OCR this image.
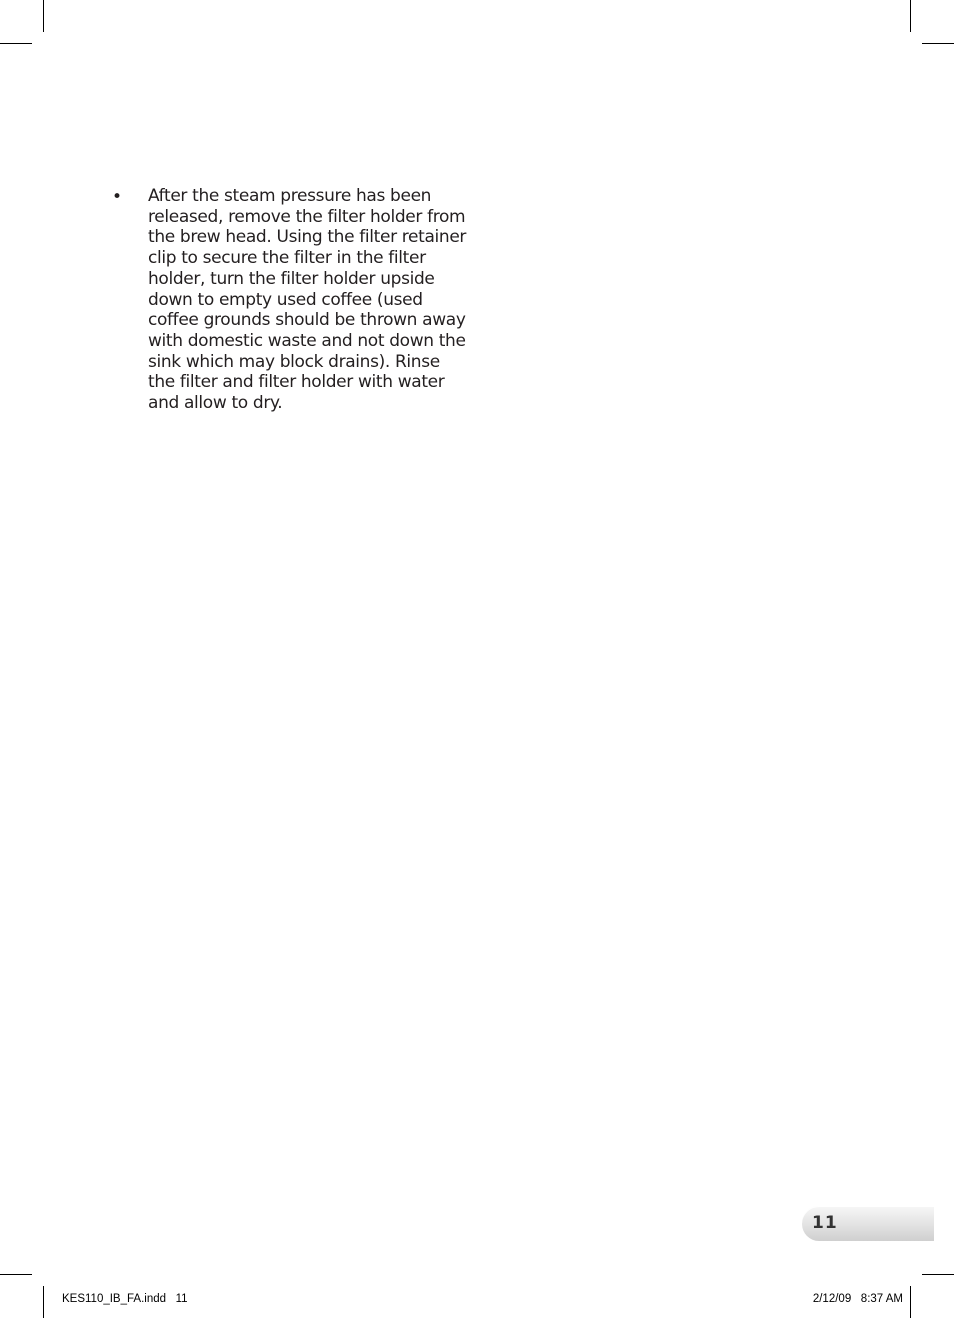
•	After the steam pressure has been released, remove the filter holder from the brew head. Using the filter retainer clip to secure the filter in the filter holder, turn the filter holder upside down to empty used coffee (used coffee grounds should be thrown away with domestic waste and not down the sink which may block drains). Rinse the filter and filter holder with water and allow to dry.

11
KES110_IB_FA.indd   11	2/12/09   8:37 AM
